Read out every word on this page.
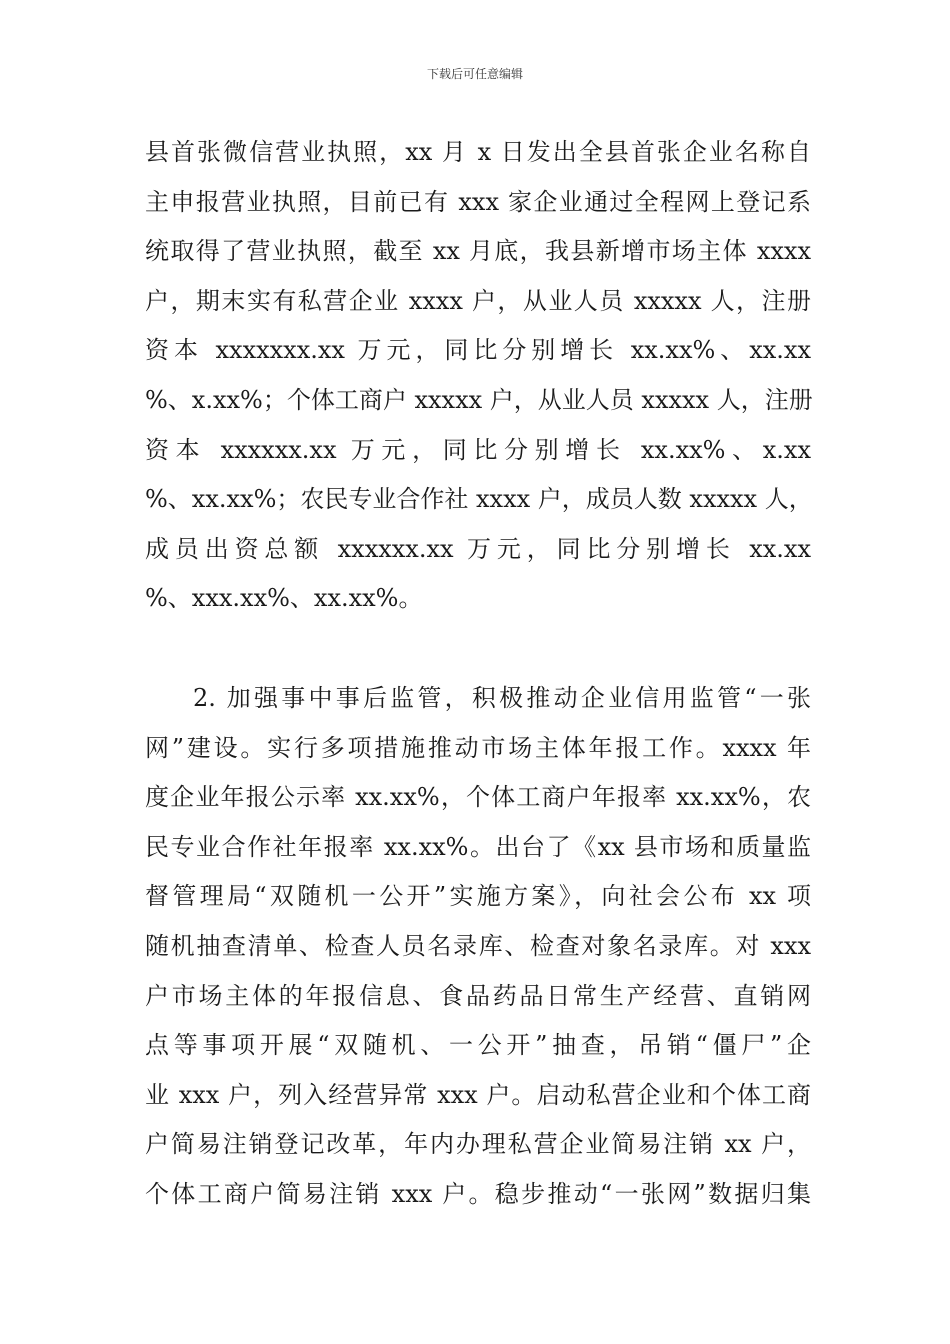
下载后可任意编辑
县首张微信营业执照，xx 月 x 日发出全县首张企业名称自
主申报营业执照，目前已有 xxx 家企业通过全程网上登记系
统取得了营业执照，截至 xx 月底，我县新增市场主体 xxxx
户，期末实有私营企业 xxxx 户，从业人员 xxxxx 人，注册
资本 xxxxxxx.xx 万元，同比分别增长 xx.xx%、xx.xx
%、x.xx%；个体工商户 xxxxx 户，从业人员 xxxxx 人，注册
资本 xxxxxx.xx 万元，同比分别增长 xx.xx%、x.xx
%、xx.xx%；农民专业合作社 xxxx 户，成员人数 xxxxx 人，
成员出资总额 xxxxxx.xx 万元，同比分别增长 xx.xx
%、xxx.xx%、xx.xx%。
2. 加强事中事后监管，积极推动企业信用监管“一张
网”建设。实行多项措施推动市场主体年报工作。xxxx 年
度企业年报公示率 xx.xx%，个体工商户年报率 xx.xx%，农
民专业合作社年报率 xx.xx%。出台了《xx 县市场和质量监
督管理局“双随机一公开”实施方案》，向社会公布 xx 项
随机抽查清单、检查人员名录库、检查对象名录库。对 xxx
户市场主体的年报信息、食品药品日常生产经营、直销网
点等事项开展“双随机、一公开”抽查，吊销“僵尸”企
业 xxx 户，列入经营异常 xxx 户。启动私营企业和个体工商
户简易注销登记改革，年内办理私营企业简易注销 xx 户，
个体工商户简易注销 xxx 户。稳步推动“一张网”数据归集
